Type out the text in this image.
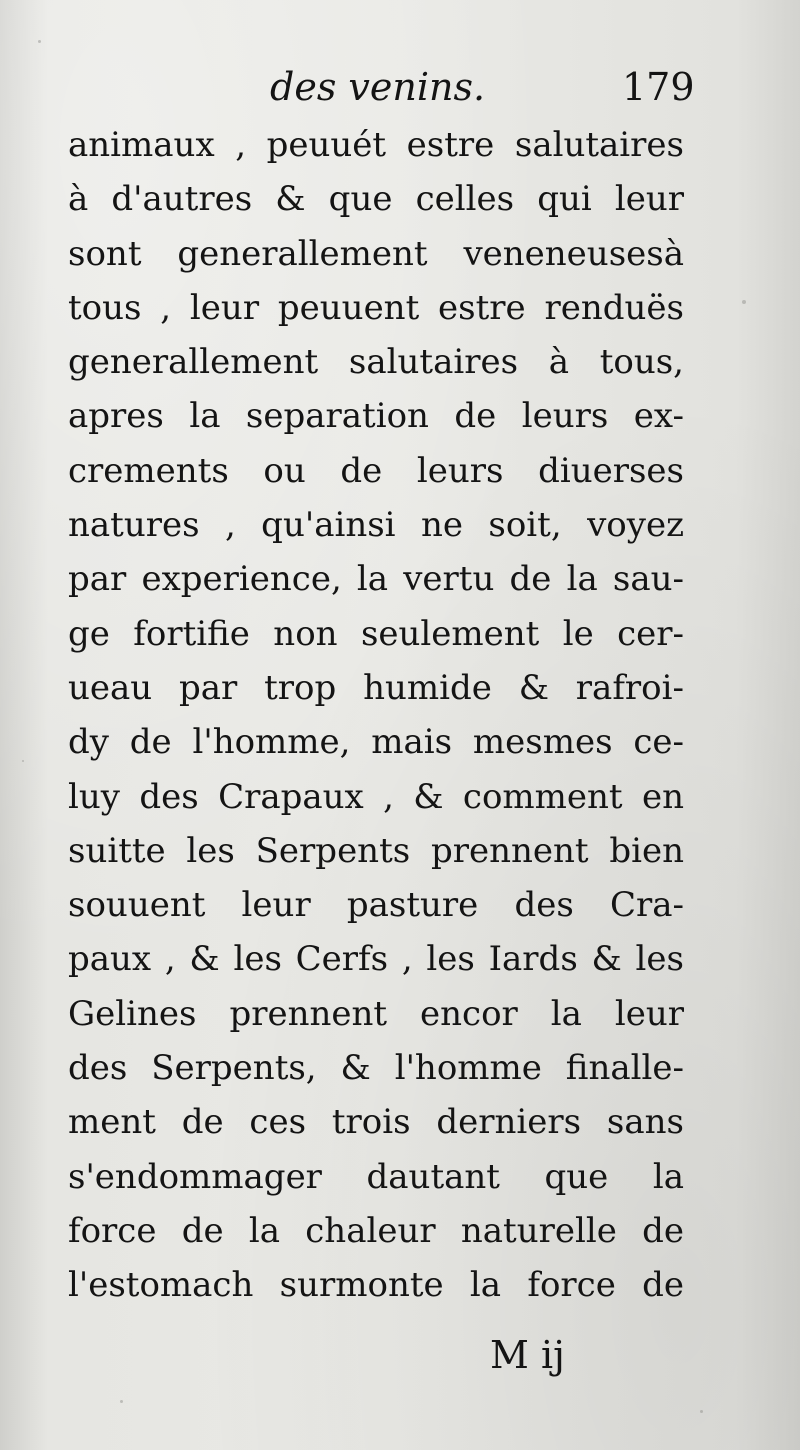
des venins.	179
animaux , peuuét estre salutaires
à d'autres & que celles qui leur
sont generallement veneneusesà
tous , leur peuuent estre renduës
generallement salutaires à tous,
apres la separation de leurs ex-
crements ou de leurs diuerses
natures , qu'ainsi ne soit, voyez
par experience, la vertu de la sau-
ge fortifie non seulement le cer-
ueau par trop humide & rafroi-
dy de l'homme, mais mesmes ce-
luy des Crapaux , & comment en
suitte les Serpents prennent bien
souuent leur pasture des Cra-
paux , & les Cerfs , les Iards & les
Gelines prennent encor la leur
des Serpents, & l'homme finalle-
ment de ces trois derniers sans
s'endommager dautant que la
force de la chaleur naturelle de
l'estomach surmonte la force de
M ij
